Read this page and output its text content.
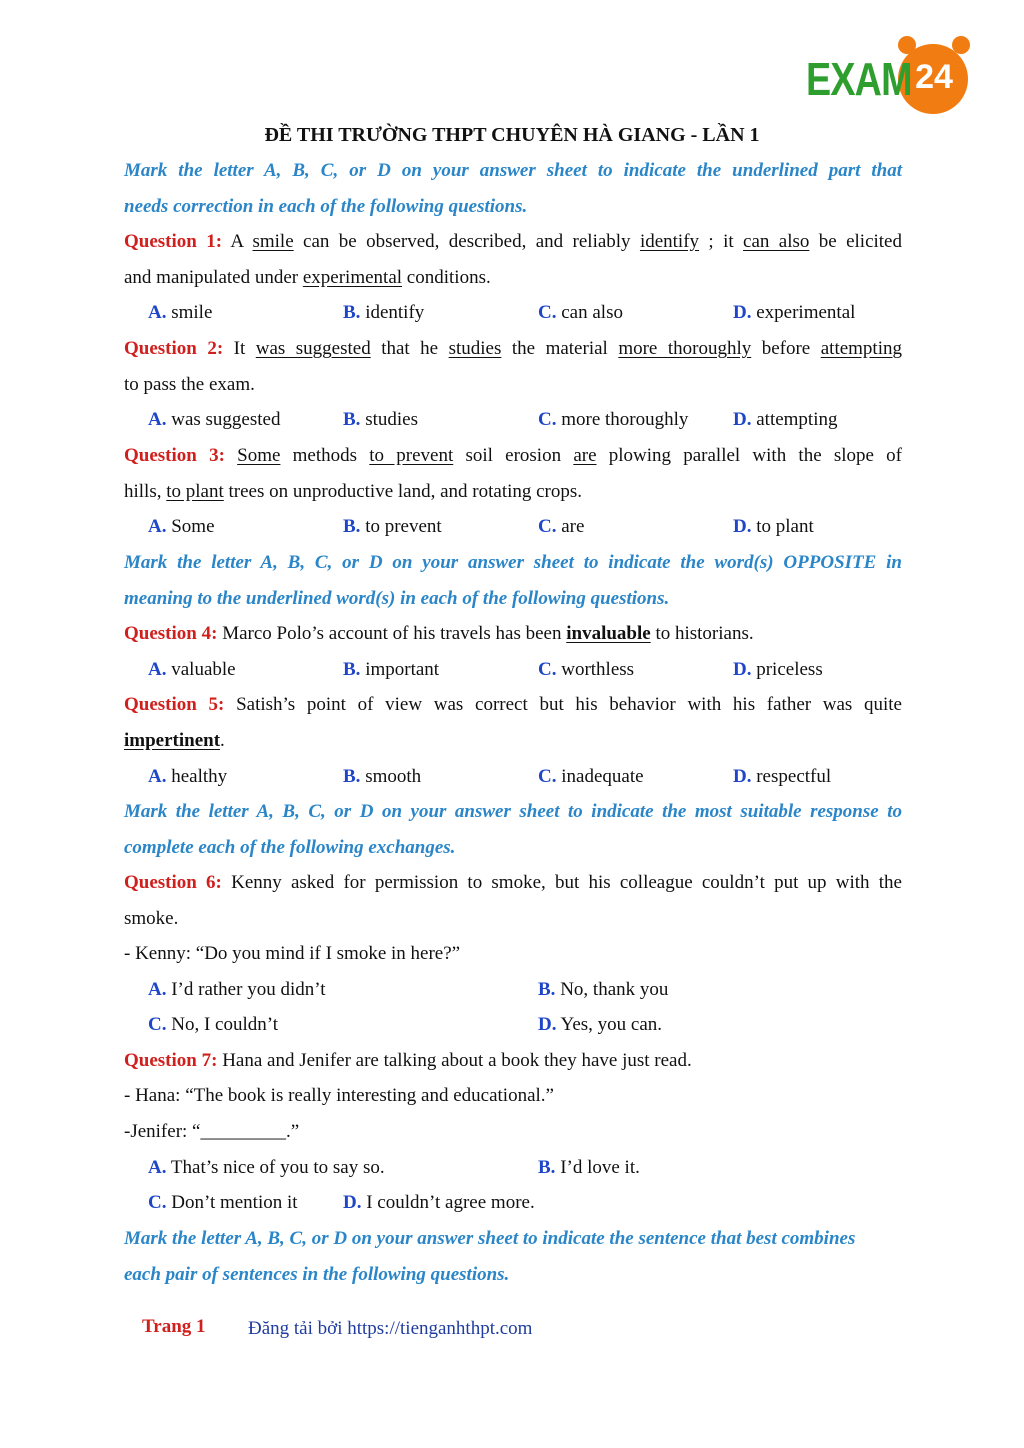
EXAM 24
ĐỀ THI TRƯỜNG THPT CHUYÊN HÀ GIANG - LẦN 1
Mark the letter A, B, C, or D on your answer sheet to indicate the underlined part that
needs correction in each of the following questions.
Question 1: A smile can be observed, described, and reliably identify ; it can also be elicited
and manipulated under experimental conditions.
A. smile	B. identify	C. can also	D. experimental
Question 2: It was suggested that he studies the material more thoroughly before attempting
to pass the exam.
A. was suggested	B. studies	C. more thoroughly D. attempting
Question 3: Some methods to prevent soil erosion are plowing parallel with the slope of
hills, to plant trees on unproductive land, and rotating crops.
A. Some	B. to prevent	C. are	D. to plant
Mark the letter A, B, C, or D on your answer sheet to indicate the word(s) OPPOSITE in
meaning to the underlined word(s) in each of the following questions.
Question 4: Marco Polo’s account of his travels has been invaluable to historians.
A. valuable	B. important	C. worthless	D. priceless
Question 5: Satish’s point of view was correct but his behavior with his father was quite
impertinent.
A. healthy	B. smooth	C. inadequate	D. respectful
Mark the letter A, B, C, or D on your answer sheet to indicate the most suitable response to
complete each of the following exchanges.
Question 6: Kenny asked for permission to smoke, but his colleague couldn’t put up with the
smoke.
- Kenny: “Do you mind if I smoke in here?”
A. I’d rather you didn’t	B. No, thank you
C. No, I couldn’t	D. Yes, you can.
Question 7: Hana and Jenifer are talking about a book they have just read.
- Hana: “The book is really interesting and educational.”
-Jenifer: “_________.”
A. That’s nice of you to say so.	B. I’d love it.
C. Don’t mention it D. I couldn’t agree more.
Mark the letter A, B, C, or D on your answer sheet to indicate the sentence that best combines
each pair of sentences in the following questions.
Trang 1 Đăng tải bởi https://tienganhthpt.com
